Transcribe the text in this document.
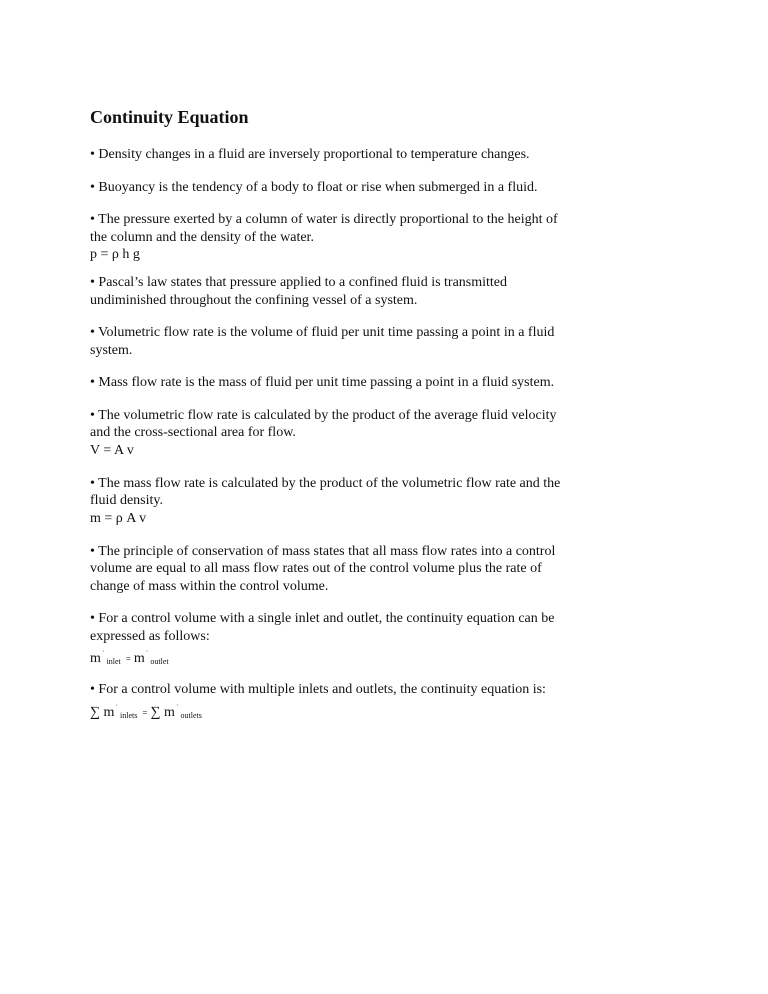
Continuity Equation
• Density changes in a fluid are inversely proportional to temperature changes.
• Buoyancy is the tendency of a body to float or rise when submerged in a fluid.
• The pressure exerted by a column of water is directly proportional to the height of the column and the density of the water.
p = ρ h g
• Pascal’s law states that pressure applied to a confined fluid is transmitted undiminished throughout the confining vessel of a system.
• Volumetric flow rate is the volume of fluid per unit time passing a point in a fluid system.
• Mass flow rate is the mass of fluid per unit time passing a point in a fluid system.
• The volumetric flow rate is calculated by the product of the average fluid velocity and the cross-sectional area for flow.
V = A v
• The mass flow rate is calculated by the product of the volumetric flow rate and the fluid density.
m = ρ A v
• The principle of conservation of mass states that all mass flow rates into a control volume are equal to all mass flow rates out of the control volume plus the rate of change of mass within the control volume.
• For a control volume with a single inlet and outlet, the continuity equation can be expressed as follows:
$m^˙_{inlet} = m^˙_{outlet}$
• For a control volume with multiple inlets and outlets, the continuity equation is:
∑ $m^˙_{inlets}$ = ∑ $m^˙_{outlets}$
